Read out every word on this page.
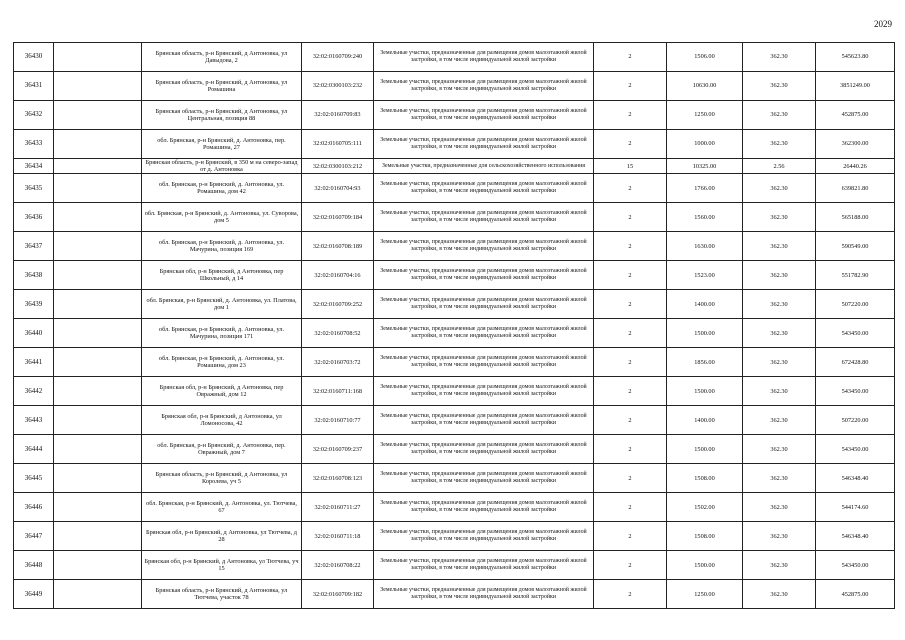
2029
36430		Брянская область, р-н Брянский, д Антоновка, ул Давыдова, 2	32:02:0160709:240	Земельные участки, предназначенные для размещения домов малоэтажной жилой застройки, в том числе индивидуальной жилой застройки	2	1506.00	362.30	545623.80
36431		Брянская область, р-н Брянский, д Антоновка, ул Ромашина	32:02:0300103:232	Земельные участки, предназначенные для размещения домов малоэтажной жилой застройки, в том числе индивидуальной жилой застройки	2	10630.00	362.30	3851249.00
36432		Брянская область, р-н Брянский, д Антоновка, ул Центральная, позиция 88	32:02:0160709:83	Земельные участки, предназначенные для размещения домов малоэтажной жилой застройки, в том числе индивидуальной жилой застройки	2	1250.00	362.30	452875.00
36433		обл. Брянская, р-н Брянский, д. Антоновка, пер. Ромашина, 27	32:02:0160705:111	Земельные участки, предназначенные для размещения домов малоэтажной жилой застройки, в том числе индивидуальной жилой застройки	2	1000.00	362.30	362300.00
36434		Брянская область, р-н Брянский, в 350 м на северо-запад от д. Антоновка	32:02:0300103:212	Земельные участки, предназначенные для сельскохозяйственного использования	15	10325.00	2.56	26440.26
36435		обл. Брянская, р-н Брянский, д. Антоновка, ул. Ромашина, дом 42	32:02:0160704:93	Земельные участки, предназначенные для размещения домов малоэтажной жилой застройки, в том числе индивидуальной жилой застройки	2	1766.00	362.30	639821.80
36436		обл. Брянская, р-н Брянский, д. Антоновка, ул. Суворова, дом 5	32:02:0160709:184	Земельные участки, предназначенные для размещения домов малоэтажной жилой застройки, в том числе индивидуальной жилой застройки	2	1560.00	362.30	565188.00
36437		обл. Брянская, р-н Брянский, д. Антоновка, ул. Мачурина, позиция 169	32:02:0160708:189	Земельные участки, предназначенные для размещения домов малоэтажной жилой застройки, в том числе индивидуальной жилой застройки	2	1630.00	362.30	590549.00
36438		Брянская обл, р-н Брянский, д Антоновка, пер Школьный, д 14	32:02:0160704:16	Земельные участки, предназначенные для размещения домов малоэтажной жилой застройки, в том числе индивидуальной жилой застройки	2	1523.00	362.30	551782.90
36439		обл. Брянская, р-н Брянский, д. Антоновка, ул. Платова, дом 1	32:02:0160709:252	Земельные участки, предназначенные для размещения домов малоэтажной жилой застройки, в том числе индивидуальной жилой застройки	2	1400.00	362.30	507220.00
36440		обл. Брянская, р-н Брянский, д. Антоновка, ул. Мачурина, позиция 171	32:02:0160708:52	Земельные участки, предназначенные для размещения домов малоэтажной жилой застройки, в том числе индивидуальной жилой застройки	2	1500.00	362.30	543450.00
36441		обл. Брянская, р-н Брянский, д. Антоновка, ул. Ромашина, дом 23	32:02:0160703:72	Земельные участки, предназначенные для размещения домов малоэтажной жилой застройки, в том числе индивидуальной жилой застройки	2	1856.00	362.30	672428.80
36442		Брянская обл, р-н Брянский, д Антоновка, пер Овражный, дом 12	32:02:0160711:168	Земельные участки, предназначенные для размещения домов малоэтажной жилой застройки, в том числе индивидуальной жилой застройки	2	1500.00	362.30	543450.00
36443		Брянская обл, р-н Брянский, д Антоновка, ул Ломоносова, 42	32:02:0160710:77	Земельные участки, предназначенные для размещения домов малоэтажной жилой застройки, в том числе индивидуальной жилой застройки	2	1400.00	362.30	507220.00
36444		обл. Брянская, р-н Брянский, д. Антоновка, пер. Овражный, дом 7	32:02:0160709:237	Земельные участки, предназначенные для размещения домов малоэтажной жилой застройки, в том числе индивидуальной жилой застройки	2	1500.00	362.30	543450.00
36445		Брянская область, р-н Брянский, д Антоновка, ул Королева, уч 5	32:02:0160708:123	Земельные участки, предназначенные для размещения домов малоэтажной жилой застройки, в том числе индивидуальной жилой застройки	2	1508.00	362.30	546348.40
36446		обл. Брянская, р-н Брянский, д. Антоновка, ул. Тютчева, 67	32:02:0160711:27	Земельные участки, предназначенные для размещения домов малоэтажной жилой застройки, в том числе индивидуальной жилой застройки	2	1502.00	362.30	544174.60
36447		Брянская обл, р-н Брянский, д Антоновка, ул Тютчева, д 28	32:02:0160711:18	Земельные участки, предназначенные для размещения домов малоэтажной жилой застройки, в том числе индивидуальной жилой застройки	2	1508.00	362.30	546348.40
36448		Брянская обл, р-н Брянский, д Антоновка, ул Тютчева, уч 15	32:02:0160708:22	Земельные участки, предназначенные для размещения домов малоэтажной жилой застройки, в том числе индивидуальной жилой застройки	2	1500.00	362.30	543450.00
36449		Брянская область, р-н Брянский, д Антоновка, ул Тютчева, участок 78	32:02:0160709:182	Земельные участки, предназначенные для размещения домов малоэтажной жилой застройки, в том числе индивидуальной жилой застройки	2	1250.00	362.30	452875.00
